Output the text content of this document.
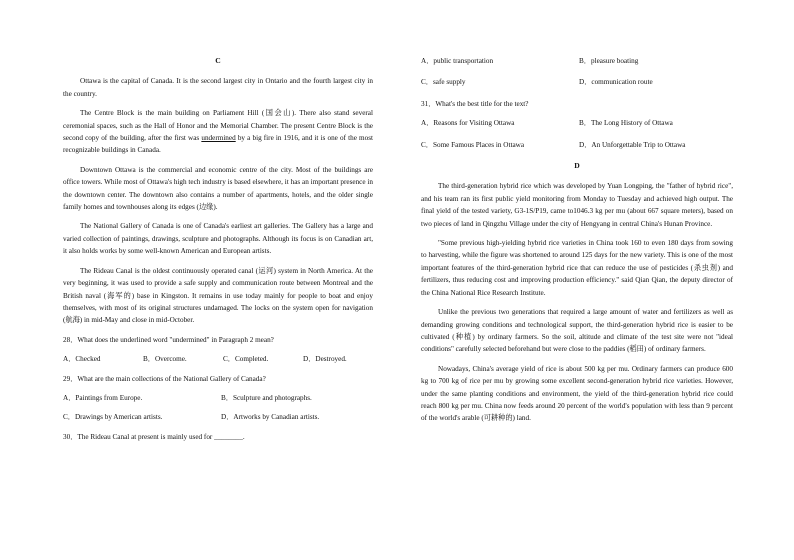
C

Ottawa is the capital of Canada. It is the second largest city in Ontario and the fourth largest city in the country.

The Centre Block is the main building on Parliament Hill (国会山). There also stand several ceremonial spaces, such as the Hall of Honor and the Memorial Chamber. The present Centre Block is the second copy of the building, after the first was undermined by a big fire in 1916, and it is one of the most recognizable buildings in Canada.

Downtown Ottawa is the commercial and economic centre of the city. Most of the buildings are office towers. While most of Ottawa's high tech industry is based elsewhere, it has an important presence in the downtown center. The downtown also contains a number of apartments, hotels, and the older single family homes and townhouses along its edges (边缘).

The National Gallery of Canada is one of Canada's earliest art galleries. The Gallery has a large and varied collection of paintings, drawings, sculpture and photographs. Although its focus is on Canadian art, it also holds works by some well-known American and European artists.

The Rideau Canal is the oldest continuously operated canal (运河) system in North America. At the very beginning, it was used to provide a safe supply and communication route between Montreal and the British naval (海军的) base in Kingston. It remains in use today mainly for people to boat and enjoy themselves, with most of its original structures undamaged. The locks on the system open for navigation (航海) in mid-May and close in mid-October.

28．What does the underlined word "undermined" in Paragraph 2 mean?

A．Checked	B．Overcome.	C．Completed.	D．Destroyed.

29．What are the main collections of the National Gallery of Canada?

A．Paintings from Europe.	B．Sculpture and photographs.
C．Drawings by American artists.	D．Artworks by Canadian artists.

30．The Rideau Canal at present is mainly used for ________.

A．public transportation	B．pleasure boating
C．safe supply	D．communication route

31．What's the best title for the text?

A．Reasons for Visiting Ottawa	B．The Long History of Ottawa
C．Some Famous Places in Ottawa	D．An Unforgettable Trip to Ottawa
D

The third-generation hybrid rice which was developed by Yuan Longping, the "father of hybrid rice", and his team ran its first public yield monitoring from Monday to Tuesday and achieved high output. The final yield of the tested variety, G3-1S/P19, came to1046.3 kg per mu (about 667 square meters), based on two pieces of land in Qingzhu Village under the city of Hengyang in central China's Hunan Province.

"Some previous high-yielding hybrid rice varieties in China took 160 to even 180 days from sowing to harvesting, while the figure was shortened to around 125 days for the new variety. This is one of the most important features of the third-generation hybrid rice that can reduce the use of pesticides (杀虫剂) and fertilizers, thus reducing cost and improving production efficiency." said Qian Qian, the deputy director of the China National Rice Research Institute.

Unlike the previous two generations that required a large amount of water and fertilizers as well as demanding growing conditions and technological support, the third-generation hybrid rice is easier to be cultivated (种植) by ordinary farmers. So the soil, altitude and climate of the test site were not "ideal conditions" carefully selected beforehand but were close to the paddies (稻田) of ordinary farmers.

Nowadays, China's average yield of rice is about 500 kg per mu. Ordinary farmers can produce 600 kg to 700 kg of rice per mu by growing some excellent second-generation hybrid rice varieties. However, under the same planting conditions and environment, the yield of the third-generation hybrid rice could reach 800 kg per mu. China now feeds around 20 percent of the world's population with less than 9 percent of the world's arable (可耕种的) land.
